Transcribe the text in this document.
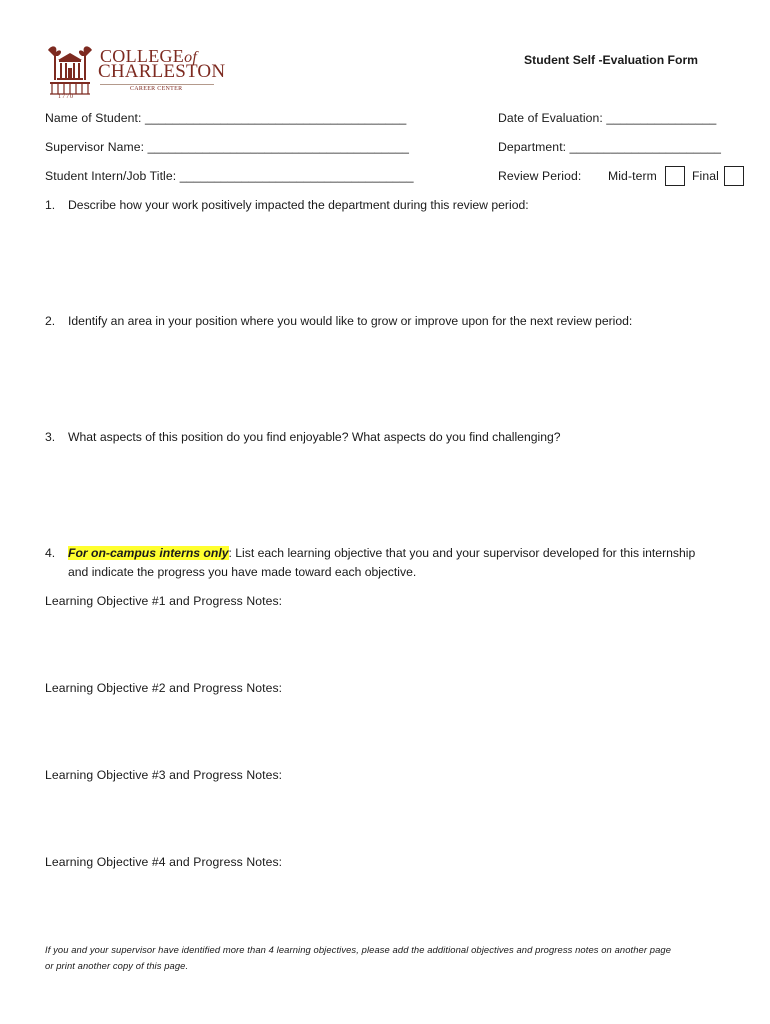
1770
COLLEGEof
CHARLESTON
CAREER CENTER
Student Self -Evaluation Form
Name of Student: ______________________________________	Date of Evaluation: ________________
Supervisor Name: ______________________________________	Department: ______________________
Student Intern/Job Title: __________________________________	Review Period: Mid-term	Final
1. Describe how your work positively impacted the department during this review period:
2. Identify an area in your position where you would like to grow or improve upon for the next review period:
3. What aspects of this position do you find enjoyable? What aspects do you find challenging?
4. For on-campus interns only: List each learning objective that you and your supervisor developed for this internship
and indicate the progress you have made toward each objective.
Learning Objective #1 and Progress Notes:
Learning Objective #2 and Progress Notes:
Learning Objective #3 and Progress Notes:
Learning Objective #4 and Progress Notes:
If you and your supervisor have identified more than 4 learning objectives, please add the additional objectives and progress notes on another page
or print another copy of this page.
